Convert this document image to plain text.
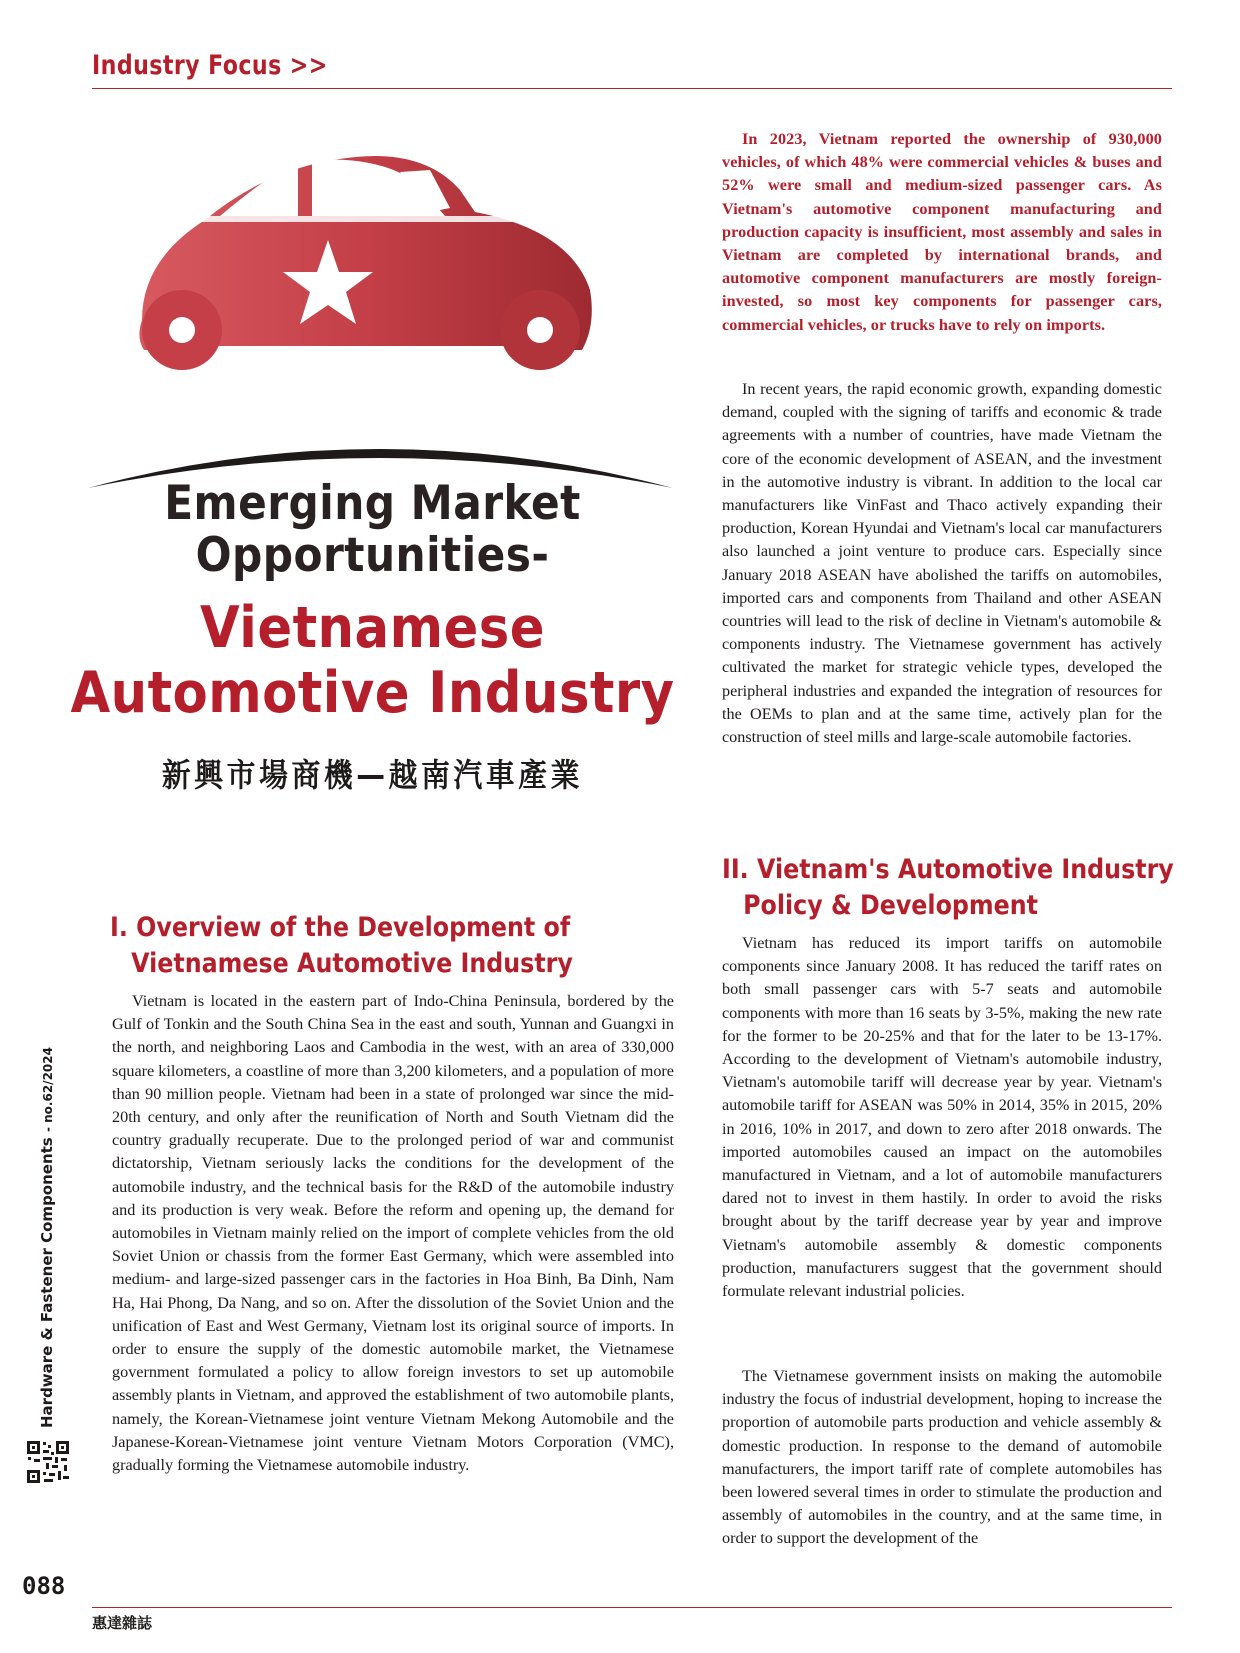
Industry Focus >>
Emerging Market
Opportunities-
Vietnamese
Automotive Industry
新興市場商機—越南汽車產業

In 2023, Vietnam reported the ownership of 930,000 vehicles, of which 48% were commercial vehicles & buses and 52% were small and medium-sized passenger cars. As Vietnam's automotive component manufacturing and production capacity is insufficient, most assembly and sales in Vietnam are completed by international brands, and automotive component manufacturers are mostly foreign-invested, so most key components for passenger cars, commercial vehicles, or trucks have to rely on imports.

In recent years, the rapid economic growth, expanding domestic demand, coupled with the signing of tariffs and economic & trade agreements with a number of countries, have made Vietnam the core of the economic development of ASEAN, and the investment in the automotive industry is vibrant. In addition to the local car manufacturers like VinFast and Thaco actively expanding their production, Korean Hyundai and Vietnam's local car manufacturers also launched a joint venture to produce cars. Especially since January 2018 ASEAN have abolished the tariffs on automobiles, imported cars and components from Thailand and other ASEAN countries will lead to the risk of decline in Vietnam's automobile & components industry. The Vietnamese government has actively cultivated the market for strategic vehicle types, developed the peripheral industries and expanded the integration of resources for the OEMs to plan and at the same time, actively plan for the construction of steel mills and large-scale automobile factories.

II. Vietnam's Automotive Industry
Policy & Development

Vietnam has reduced its import tariffs on automobile components since January 2008. It has reduced the tariff rates on both small passenger cars with 5-7 seats and automobile components with more than 16 seats by 3-5%, making the new rate for the former to be 20-25% and that for the later to be 13-17%. According to the development of Vietnam's automobile industry, Vietnam's automobile tariff will decrease year by year. Vietnam's automobile tariff for ASEAN was 50% in 2014, 35% in 2015, 20% in 2016, 10% in 2017, and down to zero after 2018 onwards. The imported automobiles caused an impact on the automobiles manufactured in Vietnam, and a lot of automobile manufacturers dared not to invest in them hastily. In order to avoid the risks brought about by the tariff decrease year by year and improve Vietnam's automobile assembly & domestic components production, manufacturers suggest that the government should formulate relevant industrial policies.

The Vietnamese government insists on making the automobile industry the focus of industrial development, hoping to increase the proportion of automobile parts production and vehicle assembly & domestic production. In response to the demand of automobile manufacturers, the import tariff rate of complete automobiles has been lowered several times in order to stimulate the production and assembly of automobiles in the country, and at the same time, in order to support the development of the

I. Overview of the Development of
Vietnamese Automotive Industry

Vietnam is located in the eastern part of Indo-China Peninsula, bordered by the Gulf of Tonkin and the South China Sea in the east and south, Yunnan and Guangxi in the north, and neighboring Laos and Cambodia in the west, with an area of 330,000 square kilometers, a coastline of more than 3,200 kilometers, and a population of more than 90 million people. Vietnam had been in a state of prolonged war since the mid- 20th century, and only after the reunification of North and South Vietnam did the country gradually recuperate. Due to the prolonged period of war and communist dictatorship, Vietnam seriously lacks the conditions for the development of the automobile industry, and the technical basis for the R&D of the automobile industry and its production is very weak. Before the reform and opening up, the demand for automobiles in Vietnam mainly relied on the import of complete vehicles from the old Soviet Union or chassis from the former East Germany, which were assembled into medium- and large-sized passenger cars in the factories in Hoa Binh, Ba Dinh, Nam Ha, Hai Phong, Da Nang, and so on. After the dissolution of the Soviet Union and the unification of East and West Germany, Vietnam lost its original source of imports. In order to ensure the supply of the domestic automobile market, the Vietnamese government formulated a policy to allow foreign investors to set up automobile assembly plants in Vietnam, and approved the establishment of two automobile plants, namely, the Korean-Vietnamese joint venture Vietnam Mekong Automobile and the Japanese-Korean-Vietnamese joint venture Vietnam Motors Corporation (VMC), gradually forming the Vietnamese automobile industry.

Hardware & Fastener Components - no.62/2024
088
惠達雜誌
